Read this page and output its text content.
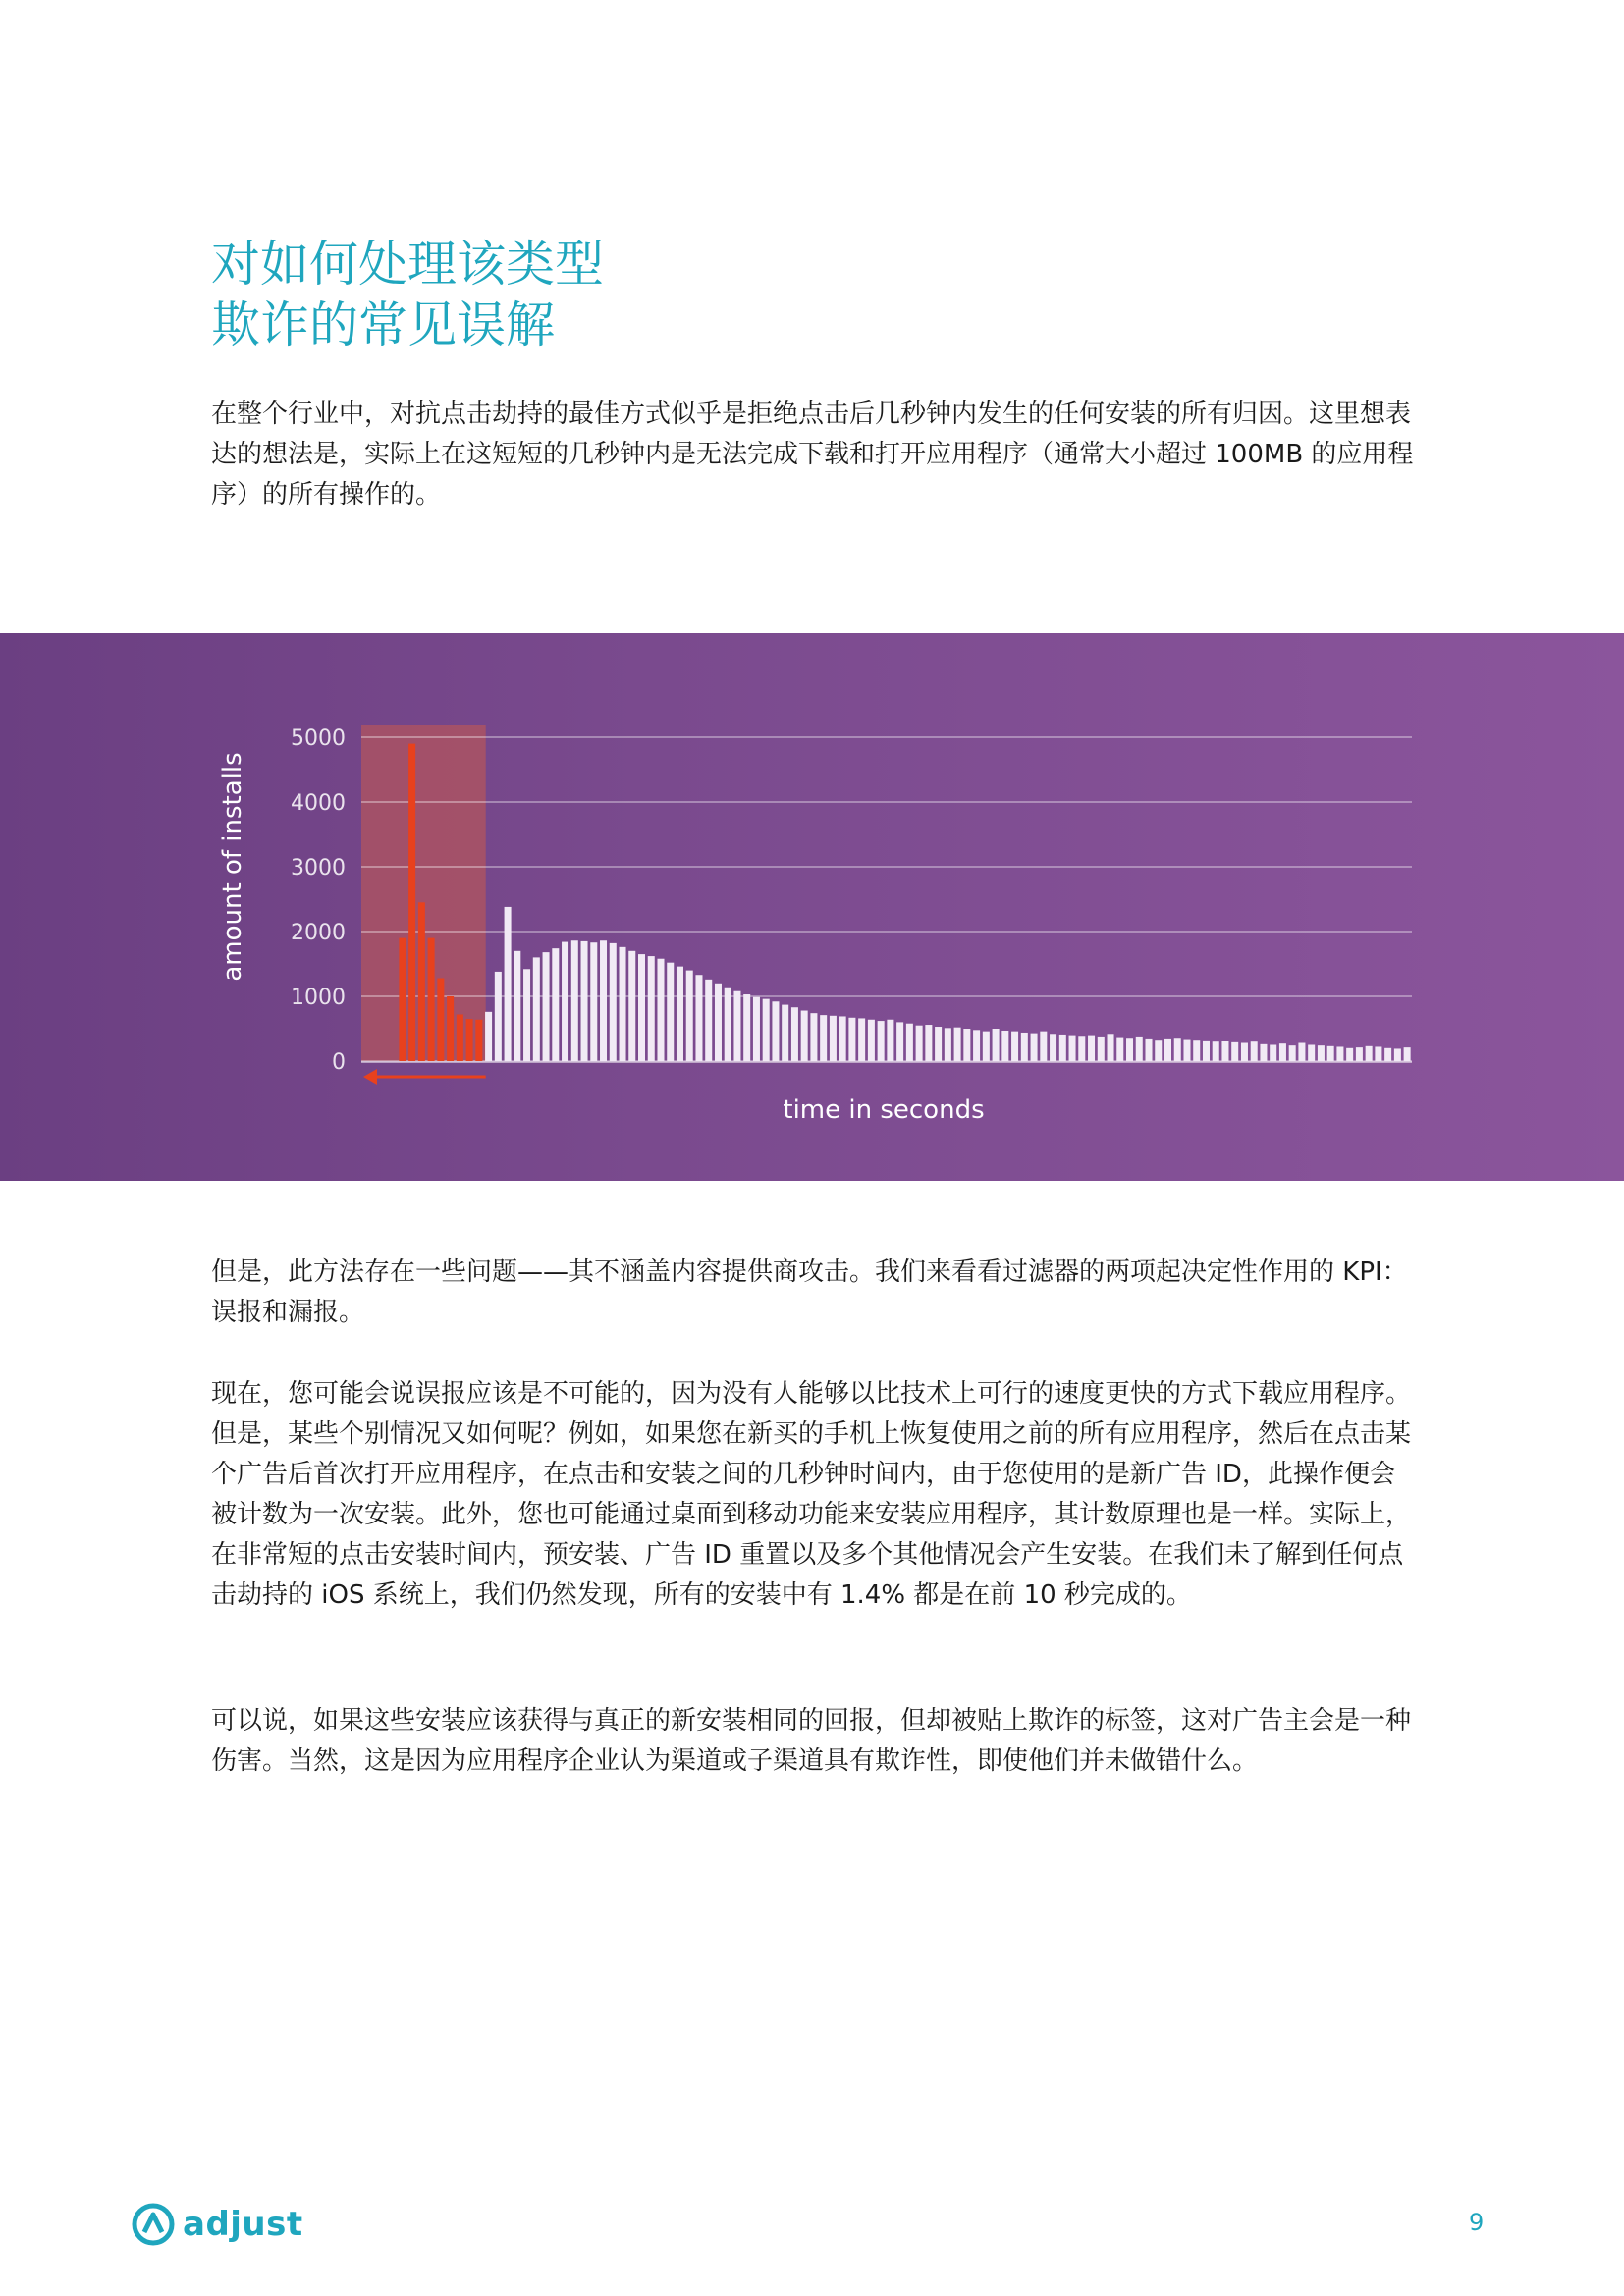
对如何处理该类型
欺诈的常见误解

在整个行业中，对抗点击劫持的最佳方式似乎是拒绝点击后几秒钟内发生的任何安装的所有归因。这里想表达的想法是，实际上在这短短的几秒钟内是无法完成下载和打开应用程序（通常大小超过 100MB 的应用程序）的所有操作的。

0
1000
2000
3000
4000
5000
time in seconds
amount of installs

但是，此方法存在一些问题——其不涵盖内容提供商攻击。我们来看看过滤器的两项起决定性作用的 KPI：误报和漏报。

现在，您可能会说误报应该是不可能的，因为没有人能够以比技术上可行的速度更快的方式下载应用程序。但是，某些个别情况又如何呢？例如，如果您在新买的手机上恢复使用之前的所有应用程序，然后在点击某个广告后首次打开应用程序，在点击和安装之间的几秒钟时间内，由于您使用的是新广告 ID，此操作便会被计数为一次安装。此外，您也可能通过桌面到移动功能来安装应用程序，其计数原理也是一样。实际上，在非常短的点击安装时间内，预安装、广告 ID 重置以及多个其他情况会产生安装。在我们未了解到任何点击劫持的 iOS 系统上，我们仍然发现，所有的安装中有 1.4% 都是在前 10 秒完成的。

可以说，如果这些安装应该获得与真正的新安装相同的回报，但却被贴上欺诈的标签，这对广告主会是一种伤害。当然，这是因为应用程序企业认为渠道或子渠道具有欺诈性，即使他们并未做错什么。

adjust	9
